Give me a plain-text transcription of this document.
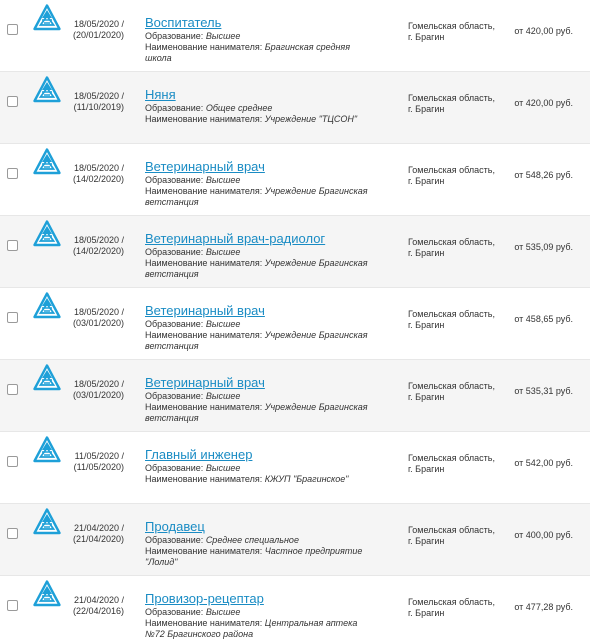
18/05/2020 /
(20/01/2020)
Воспитатель
Образование: Высшее
Наименование нанимателя: Брагинская средняя школа
Гомельская область, г. Брагин
от 420,00 руб.
18/05/2020 /
(11/10/2019)
Няня
Образование: Общее среднее
Наименование нанимателя: Учреждение "ТЦСОН"
Гомельская область, г. Брагин
от 420,00 руб.
18/05/2020 /
(14/02/2020)
Ветеринарный врач
Образование: Высшее
Наименование нанимателя: Учреждение Брагинская ветстанция
Гомельская область, г. Брагин
от 548,26 руб.
18/05/2020 /
(14/02/2020)
Ветеринарный врач-радиолог
Образование: Высшее
Наименование нанимателя: Учреждение Брагинская ветстанция
Гомельская область, г. Брагин
от 535,09 руб.
18/05/2020 /
(03/01/2020)
Ветеринарный врач
Образование: Высшее
Наименование нанимателя: Учреждение Брагинская ветстанция
Гомельская область, г. Брагин
от 458,65 руб.
18/05/2020 /
(03/01/2020)
Ветеринарный врач
Образование: Высшее
Наименование нанимателя: Учреждение Брагинская ветстанция
Гомельская область, г. Брагин
от 535,31 руб.
11/05/2020 /
(11/05/2020)
Главный инженер
Образование: Высшее
Наименование нанимателя: КЖУП "Брагинское"
Гомельская область, г. Брагин
от 542,00 руб.
21/04/2020 /
(21/04/2020)
Продавец
Образование: Среднее специальное
Наименование нанимателя: Частное предприятие "Лолид"
Гомельская область, г. Брагин
от 400,00 руб.
21/04/2020 /
(22/04/2016)
Провизор-рецептар
Образование: Высшее
Наименование нанимателя: Центральная аптека №72 Брагинского района
Гомельская область, г. Брагин
от 477,28 руб.
